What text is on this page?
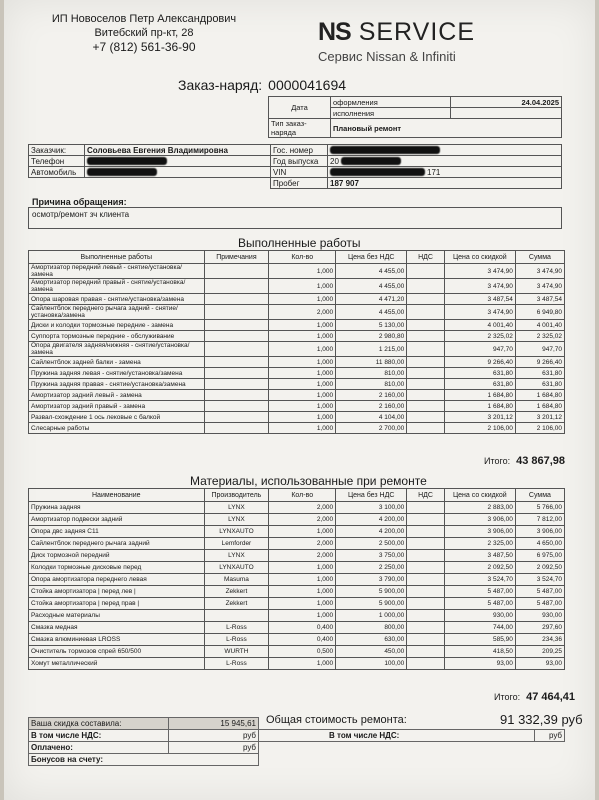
ИП Новоселов Петр Александрович
Витебский пр-кт, 28
+7 (812) 561-36-90
NS SERVICE
Сервис Nissan & Infiniti
Заказ-наряд: 0000041694
Дата	оформления	24.04.2025
	исполнения	
Тип заказ-наряда	Плановый ремонт	
Заказчик:	Соловьева Евгения Владимировна	Гос. номер	
Телефон		Год выпуска	20
Автомобиль		VIN	171
		Пробег	187 907
Причина обращения:
осмотр/ремонт зч клиента
Выполненные работы
Выполненные работы	Примечания	Кол-во	Цена без НДС	НДС	Цена со скидкой	Сумма
Амортизатор передний левый - снятие/установка/замена		1,000	4 455,00		3 474,90	3 474,90
Амортизатор передний правый - снятие/установка/замена		1,000	4 455,00		3 474,90	3 474,90
Опора шаровая правая - снятие/установка/замена		1,000	4 471,20		3 487,54	3 487,54
Сайлентблок переднего рычага задний - снятие/установка/замена		2,000	4 455,00		3 474,90	6 949,80
Диски и колодки тормозные передние - замена		1,000	5 130,00		4 001,40	4 001,40
Суппорта тормозные передние - обслуживание		1,000	2 980,80		2 325,02	2 325,02
Опора двигателя задняя/нижняя - снятие/установка/замена		1,000	1 215,00		947,70	947,70
Сайлентблок задней балки - замена		1,000	11 880,00		9 266,40	9 266,40
Пружина задняя левая - снятие/установка/замена		1,000	810,00		631,80	631,80
Пружина задняя правая - снятие/установка/замена		1,000	810,00		631,80	631,80
Амортизатор задний левый - замена		1,000	2 160,00		1 684,80	1 684,80
Амортизатор задний правый - замена		1,000	2 160,00		1 684,80	1 684,80
Развал-схождение 1 ось лековые с балкой		1,000	4 104,00		3 201,12	3 201,12
Слесарные работы		1,000	2 700,00		2 106,00	2 106,00
Итого: 43 867,98
Материалы, использованные при ремонте
Наименование	Производитель	Кол-во	Цена без НДС	НДС	Цена со скидкой	Сумма
Пружина задняя	LYNX	2,000	3 100,00		2 883,00	5 766,00
Амортизатор подвески задний	LYNX	2,000	4 200,00		3 906,00	7 812,00
Опора двс задняя С11	LYNXAUTO	1,000	4 200,00		3 906,00	3 906,00
Сайлентблок переднего рычага задний	Lemforder	2,000	2 500,00		2 325,00	4 650,00
Диск тормозной передний	LYNX	2,000	3 750,00		3 487,50	6 975,00
Колодки тормозные дисковые перед	LYNXAUTO	1,000	2 250,00		2 092,50	2 092,50
Опора амортизатора переднего левая	Masuma	1,000	3 790,00		3 524,70	3 524,70
Стойка амортизатора | перед лев |	Zekkert	1,000	5 900,00		5 487,00	5 487,00
Стойка амортизатора | перед прав |	Zekkert	1,000	5 900,00		5 487,00	5 487,00
Расходные материалы		1,000	1 000,00		930,00	930,00
Смазка медная	L-Ross	0,400	800,00		744,00	297,60
Смазка влюминиевая LROSS	L-Ross	0,400	630,00		585,90	234,36
Очиститель тормозов спрей 650/500	WURTH	0,500	450,00		418,50	209,25
Хомут металлический	L-Ross	1,000	100,00		93,00	93,00
Итого: 47 464,41
Ваша скидка составила:	15 945,61		
В том числе НДС:	руб	В том числе НДС:	руб
Оплачено:	руб		
Бонусов на счету:			
Общая стоимость ремонта:	91 332,39 руб
